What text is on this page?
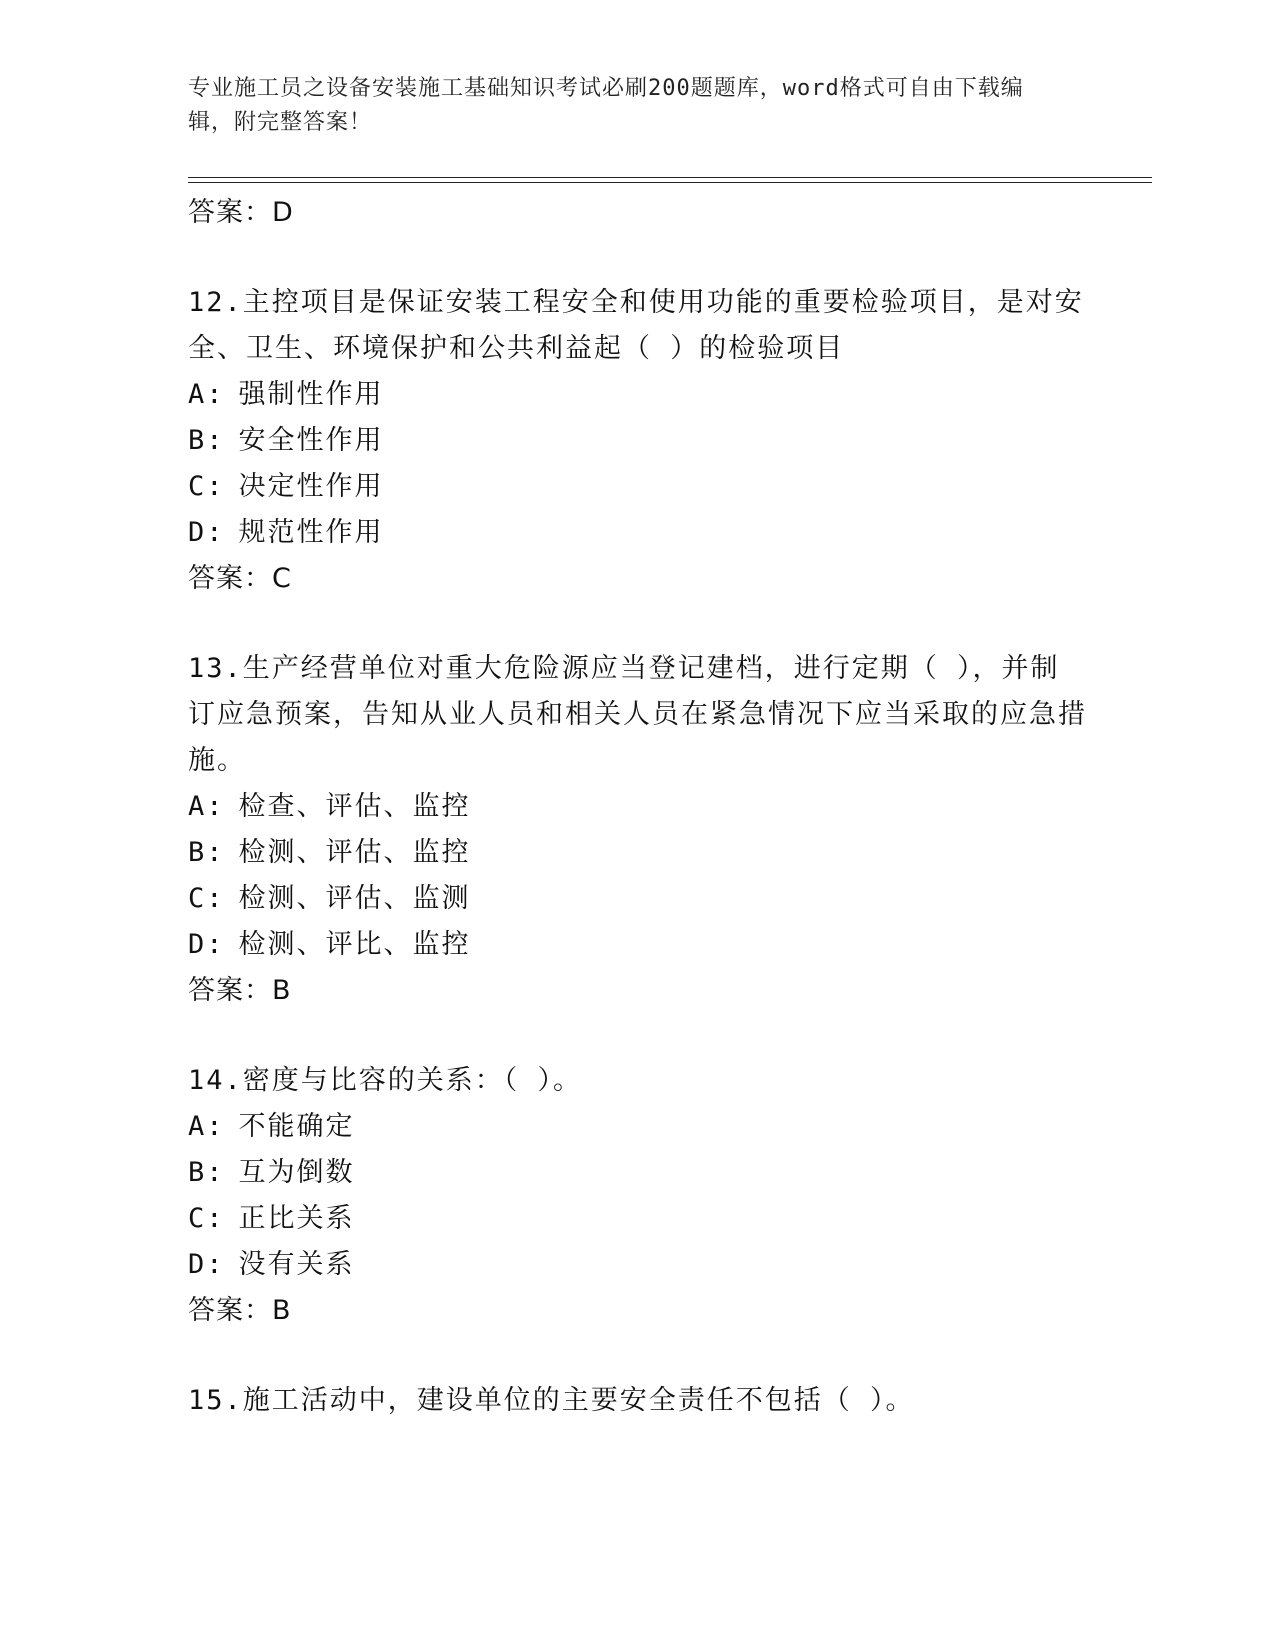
专业施工员之设备安装施工基础知识考试必刷200题题库，word格式可自由下载编辑，附完整答案！
答案：D
12.主控项目是保证安装工程安全和使用功能的重要检验项目，是对安全、卫生、环境保护和公共利益起（ ）的检验项目
A: 强制性作用
B: 安全性作用
C: 决定性作用
D: 规范性作用
答案：C
13.生产经营单位对重大危险源应当登记建档，进行定期（ ），并制订应急预案，告知从业人员和相关人员在紧急情况下应当采取的应急措施。
A: 检查、评估、监控
B: 检测、评估、监控
C: 检测、评估、监测
D: 检测、评比、监控
答案：B
14.密度与比容的关系：（ ）。
A: 不能确定
B: 互为倒数
C: 正比关系
D: 没有关系
答案：B
15.施工活动中，建设单位的主要安全责任不包括（ ）。
